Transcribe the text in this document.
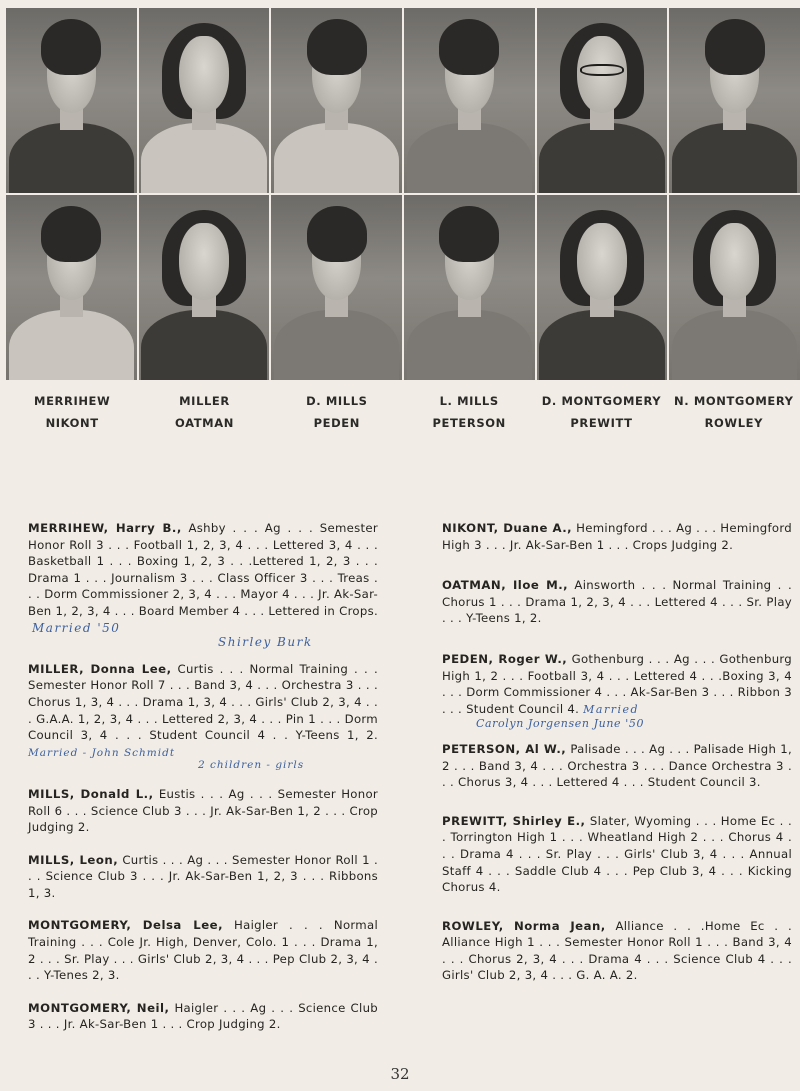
MERRIHEW	MILLER	D. MILLS	L. MILLS	D. MONTGOMERY	N. MONTGOMERY
NIKONT	OATMAN	PEDEN	PETERSON	PREWITT	ROWLEY

MERRIHEW, Harry B., Ashby . . . Ag . . . Semester Honor Roll 3 . . . Football 1, 2, 3, 4 . . . Lettered 3, 4 . . . Basketball 1 . . . Boxing 1, 2, 3 . . .Lettered 1, 2, 3 . . . Drama 1 . . . Journalism 3 . . . Class Officer 3 . . . Treas . . . Dorm Commissioner 2, 3, 4 . . . Mayor 4 . . . Jr. Ak-Sar-Ben 1, 2, 3, 4 . . . Board Member 4 . . . Lettered in Crops. Married '50

Shirley Burk

MILLER, Donna Lee, Curtis . . . Normal Training . . . Semester Honor Roll 7 . . . Band 3, 4 . . . Orchestra 3 . . . Chorus 1, 3, 4 . . . Drama 1, 3, 4 . . . Girls' Club 2, 3, 4 . . . G.A.A. 1, 2, 3, 4 . . . Lettered 2, 3, 4 . . . Pin 1 . . . Dorm Council 3, 4 . . . Student Council 4 . . Y-Teens 1, 2. Married - John Schmidt

2 children - girls

MILLS, Donald L., Eustis . . . Ag . . . Semester Honor Roll 6 . . . Science Club 3 . . . Jr. Ak-Sar-Ben 1, 2 . . . Crop Judging 2.

MILLS, Leon, Curtis . . . Ag . . . Semester Honor Roll 1 . . . Science Club 3 . . . Jr. Ak-Sar-Ben 1, 2, 3 . . . Ribbons 1, 3.

MONTGOMERY, Delsa Lee, Haigler . . . Normal Training . . . Cole Jr. High, Denver, Colo. 1 . . . Drama 1, 2 . . . Sr. Play . . . Girls' Club 2, 3, 4 . . . Pep Club 2, 3, 4 . . . Y-Tenes 2, 3.

MONTGOMERY, Neil, Haigler . . . Ag . . . Science Club 3 . . . Jr. Ak-Sar-Ben 1 . . . Crop Judging 2.

NIKONT, Duane A., Hemingford . . . Ag . . . Hemingford High 3 . . . Jr. Ak-Sar-Ben 1 . . . Crops Judging 2.

OATMAN, Iloe M., Ainsworth . . . Normal Training . . Chorus 1 . . . Drama 1, 2, 3, 4 . . . Lettered 4 . . . Sr. Play . . . Y-Teens 1, 2.

PEDEN, Roger W., Gothenburg . . . Ag . . . Gothenburg High 1, 2 . . . Football 3, 4 . . . Lettered 4 . . .Boxing 3, 4 . . . Dorm Commissioner 4 . . . Ak-Sar-Ben 3 . . . Ribbon 3 . . . Student Council 4. Married

Carolyn Jorgensen June '50

PETERSON, Al W., Palisade . . . Ag . . . Palisade High 1, 2 . . . Band 3, 4 . . . Orchestra 3 . . . Dance Orchestra 3 . . . Chorus 3, 4 . . . Lettered 4 . . . Student Council 3.

PREWITT, Shirley E., Slater, Wyoming . . . Home Ec . . . Torrington High 1 . . . Wheatland High 2 . . . Chorus 4 . . . Drama 4 . . . Sr. Play . . . Girls' Club 3, 4 . . . Annual Staff 4 . . . Saddle Club 4 . . . Pep Club 3, 4 . . . Kicking Chorus 4.

ROWLEY, Norma Jean, Alliance . . .Home Ec . . Alliance High 1 . . . Semester Honor Roll 1 . . . Band 3, 4 . . . Chorus 2, 3, 4 . . . Drama 4 . . . Science Club 4 . . . Girls' Club 2, 3, 4 . . . G. A. A. 2.

32
